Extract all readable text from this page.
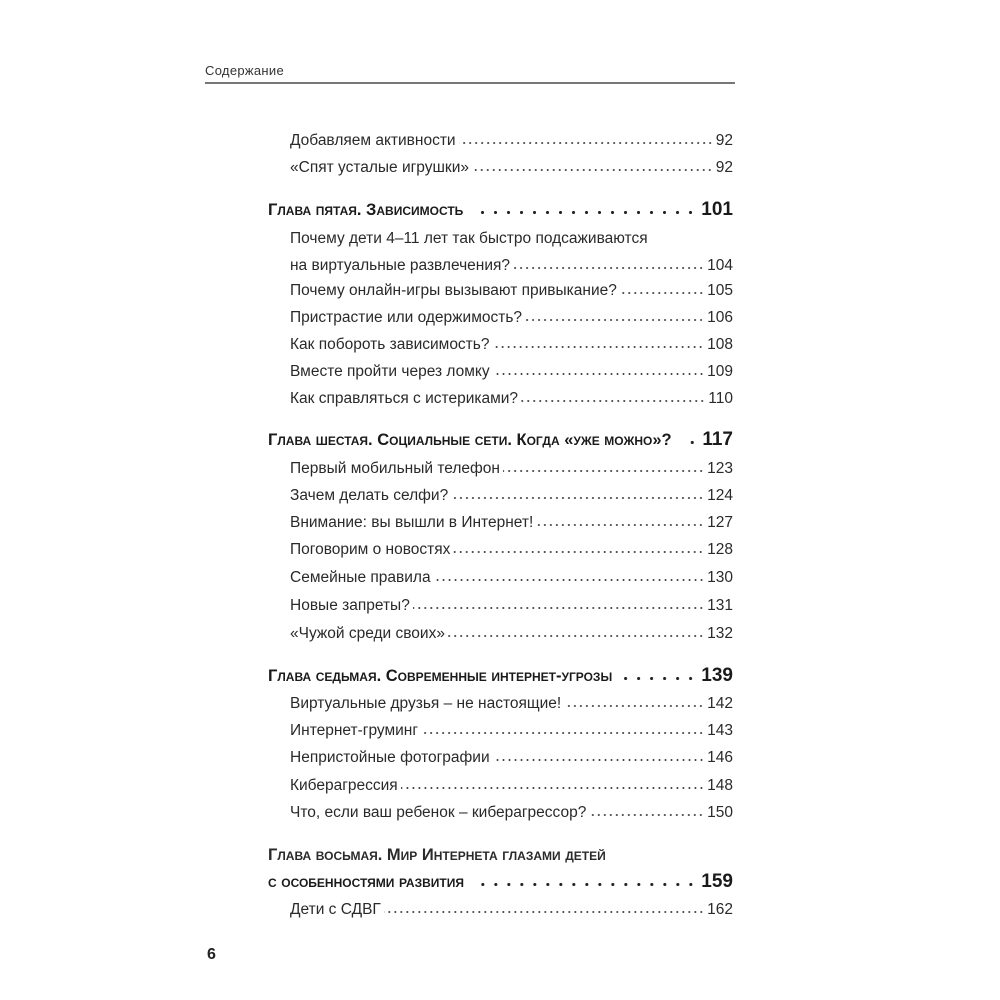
Содержание
Добавляем активности	92
«Спят усталые игрушки»	92
Глава пятая. Зависимость	101
Почему дети 4–11 лет так быстро подсаживаются
на виртуальные развлечения?	104
Почему онлайн-игры вызывают привыкание?	105
Пристрастие или одержимость?	106
Как побороть зависимость?	108
Вместе пройти через ломку	109
Как справляться с истериками?	110
Глава шестая. Социальные сети. Когда «уже можно»? 117
Первый мобильный телефон	123
Зачем делать селфи?	124
Внимание: вы вышли в Интернет!	127
Поговорим о новостях	128
Семейные правила	130
Новые запреты?	131
«Чужой среди своих»	132
Глава седьмая. Современные интернет-угрозы	139
Виртуальные друзья – не настоящие!	142
Интернет-груминг	143
Непристойные фотографии	146
Киберагрессия	148
Что, если ваш ребенок – киберагрессор?	150
Глава восьмая. Мир Интернета глазами детей
с особенностями развития	159
Дети с СДВГ	162
6
